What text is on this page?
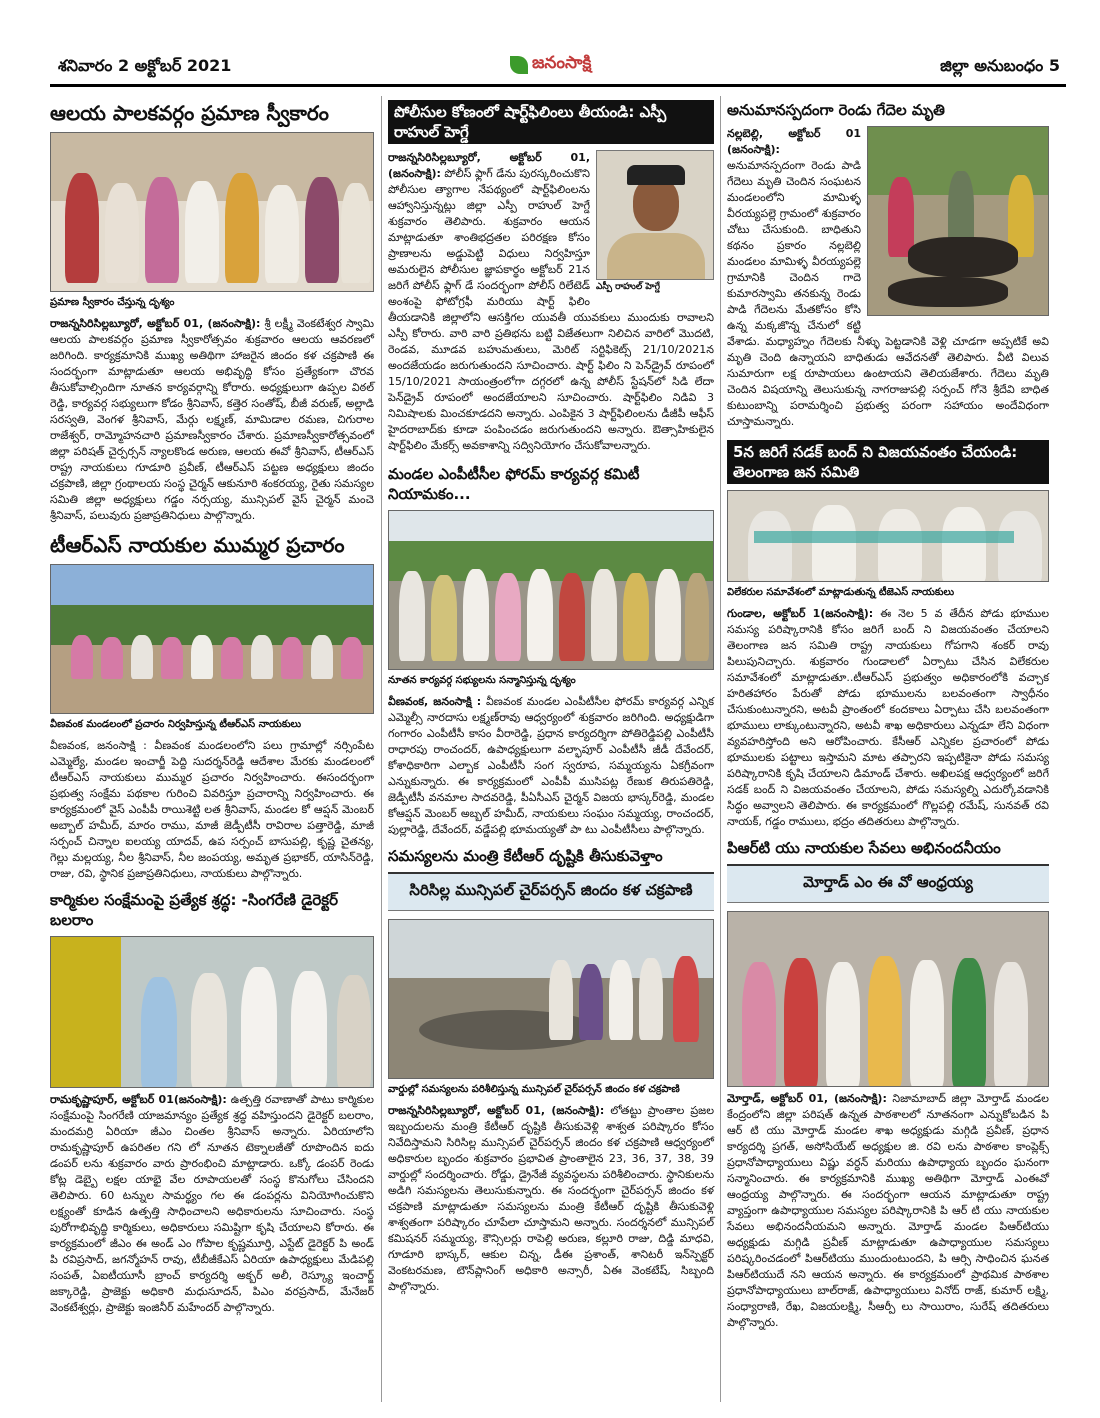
శనివారం 2 అక్టోబర్ 2021	జనంసాక్షి	జిల్లా అనుబంధం 5
ఆలయ పాలకవర్గం ప్రమాణ స్వీకారం
ప్రమాణ స్వీకారం చేస్తున్న దృశ్యం

రాజన్నసిరిసిల్లబ్యూరో, అక్టోబర్ 01, (జనంసాక్షి): శ్రీ లక్ష్మీ వెంకటేశ్వర స్వామి ఆలయ పాలకవర్గం ప్రమాణ స్వీకారోత్సవం శుక్రవారం ఆలయ ఆవరణలో జరిగింది. కార్యక్రమానికి ముఖ్య అతిథిగా హాజరైన జిందం కళ చక్రపాణి ఈ సందర్భంగా మాట్లాడుతూ ఆలయ అభివృద్ధి కోసం ప్రత్యేకంగా చొరవ తీసుకోవాల్సిందిగా నూతన కార్యవర్గాన్ని కోరారు. అధ్యక్షులుగా ఉప్పల విఠల్ రెడ్డి, కార్యవర్గ సభ్యులుగా కోడం శ్రీనివాస్, కత్తెర సంతోష్, బీజీ వరుణ్, అల్లాడి సరస్వతి, వెంగళ శ్రీనివాస్, మేర్గు లక్ష్మణ్, మామిడాల రమణ, చిగురాల రాజేశ్వర్, రామ్మోహనచారి ప్రమాణస్వీకారం చేశారు. ప్రమాణస్వీకారోత్సవంలో జిల్లా పరిషత్ చైర్పర్సన్ న్యాలకొండ అరుణ, ఆలయ ఈవో శ్రీనివాస్, టీఆర్ఎస్ రాష్ట్ర నాయకులు గూడూరి ప్రవీణ్, టీఆర్ఎస్ పట్టణ అధ్యక్షులు జిందం చక్రపాణి, జిల్లా గ్రంథాలయ సంస్థ చైర్మన్ ఆకునూరి శంకరయ్య, రైతు సమస్యల సమితి జిల్లా అధ్యక్షులు గడ్డం నర్సయ్య, మున్సిపల్ వైస్ చైర్మన్ మంచె శ్రీనివాస్, పలువురు ప్రజాప్రతినిధులు పాల్గొన్నారు.

టీఆర్ఎస్ నాయకుల ముమ్మర ప్రచారం
వీణవంక మండలంలో ప్రచారం నిర్వహిస్తున్న టీఆర్ఎస్ నాయకులు

వీణవంక, జనంసాక్షి : వీణవంక మండలంలోని పలు గ్రామాల్లో నర్సింపేట ఎమ్మెల్యే, మండల ఇంచార్జీ పెద్ది సుదర్శన్‌రెడ్డి ఆదేశాల మేరకు మండలంలో టీఆర్ఎస్ నాయకులు ముమ్మర ప్రచారం నిర్వహించారు. ఈసందర్భంగా ప్రభుత్వ సంక్షేమ పథకాల గురించి వివరిస్తూ ప్రచారాన్ని నిర్వహించారు. ఈ కార్యక్రమంలో వైస్ ఎంపీపీ రాయిశెట్టి లత శ్రీనివాస్, మండల కో ఆప్షన్ మెంబర్ అబ్బాల్ హమీద్, మారం రాము, మాజీ జెడ్పీటీసీ రావిరాల పత్తారెడ్డి, మాజీ సర్పంచ్ చిన్నాల ఐలయ్య యాదవ్, ఉప సర్పంచ్ బాసుపల్లి, కృష్ణ చైతన్య, గెల్లు మల్లయ్య, నీల శ్రీనివాస్, నీల జంపయ్య, అమృత ప్రభాకర్, యాసిన్‌రెడ్డి, రాజు, రవి, స్థానిక ప్రజాప్రతినిధులు, నాయకులు పాల్గొన్నారు.

కార్మికుల సంక్షేమంపై ప్రత్యేక శ్రద్ధ: -సింగరేణి డైరెక్టర్ బలరాం

రామకృష్ణాపూర్, అక్టోబర్ 01(జనంసాక్షి): ఉత్పత్తి రవాణాతో పాటు కార్మికుల సంక్షేమంపై సింగరేణి యాజమాన్యం ప్రత్యేక శ్రద్ధ వహిస్తుందని డైరెక్టర్ బలరాం, మందమర్రి ఏరియా జీఎం చింతల శ్రీనివాస్ అన్నారు. ఏరియాలోని రామకృష్ణాపూర్ ఉపరితల గని లో నూతన టెక్నాలజీతో రూపొందిన ఐదు డంపర్ లను శుక్రవారం వారు ప్రారంభించి మాట్లాడారు. ఒక్కో డంపర్ రెండు కోట్ల డెబ్బై లక్షల యాభై వేల రూపాయలతో సంస్థ కొనుగోలు చేసిందని తెలిపారు. 60 టన్నుల సామర్థ్యం గల ఈ డంపర్లను వినియోగించుకొని లక్ష్యంతో కూడిన ఉత్పత్తి సాధించాలని అధికారులను సూచించారు. సంస్థ పురోగాభివృద్ధి కార్మికులు, అధికారులు సమిష్టిగా కృషి చేయాలని కోరారు. ఈ కార్యక్రమంలో జీఎం ఈ అండ్ ఎం గోపాల కృష్ణమూర్తి, ఎస్టేట్ డైరెక్టర్ పి అండ్ పి రవిప్రసాద్, జగన్మోహన్ రావు, టీబీజీకేఎస్ ఏరియా ఉపాధ్యక్షులు మేడిపల్లి సంపత్, ఏఐటీయూసీ బ్రాంచ్ కార్యదర్శి అక్బర్ అలీ, రెస్క్యూ ఇంచార్జ్ జక్కారెడ్డి, ప్రాజెక్టు అధికారి మధుసూదన్, పిఎం వరప్రసాద్, మేనేజర్ వెంకటేశ్వర్లు, ప్రాజెక్టు ఇంజినీర్ మహేందర్ పాల్గొన్నారు.

పోలీసుల కోణంలో షార్ట్‌ఫిలింలు తీయండి: ఎస్పీ రాహుల్ హెగ్డే
ఎస్పీ రాహుల్ హెగ్డే

రాజన్నసిరిసిల్లబ్యూరో, అక్టోబర్ 01, (జనంసాక్షి): పోలీస్ ఫ్లాగ్ డేను పురస్కరించుకొని పోలీసుల త్యాగాల నేపథ్యంలో షార్ట్‌ఫిలింలను ఆహ్వానిస్తున్నట్లు జిల్లా ఎస్పీ రాహుల్ హెగ్డే శుక్రవారం తెలిపారు. శుక్రవారం ఆయన మాట్లాడుతూ శాంతిభద్రతల పరిరక్షణ కోసం ప్రాణాలను అడ్డుపెట్టి విధులు నిర్వహిస్తూ అమరులైన పోలీసుల జ్ఞాపకార్థం అక్టోబర్ 21న జరిగే పోలీస్ ఫ్లాగ్ డే సందర్భంగా పోలీస్ రిలేటెడ్ అంశంపై ఫోటోగ్రఫీ మరియు షార్ట్ ఫిలిం తీయడానికి జిల్లాలోని ఆసక్తిగల యువతీ యువకులు ముందుకు రావాలని ఎస్పీ కోరారు. వారి వారి ప్రతిభను బట్టి విజేతలుగా నిలిచిన వారిలో మొదటి, రెండవ, మూడవ బహుమతులు, మెరిట్ సర్టిఫికెట్స్ 21/10/2021న అందజేయడం జరుగుతుందని సూచించారు. షార్ట్ ఫిలిం ని పెన్‌డ్రైవ్ రూపంలో 15/10/2021 సాయంత్రంలోగా దగ్గరలో ఉన్న పోలీస్ స్టేషన్‌లో సిడి లేదా పెన్‌డ్రైవ్ రూపంలో అందజేయాలని సూచించారు. షార్ట్‌ఫిలిం నిడివి 3 నిమిషాలకు మించకూడదని అన్నారు. ఎంపికైన 3 షార్ట్‌ఫిలింలను డీజీపీ ఆఫీస్ హైదరాబాద్‌కు కూడా పంపించడం జరుగుతుందని అన్నారు. ఔత్సాహికులైన షార్ట్‌ఫిలిం మేకర్స్ అవకాశాన్ని సద్వినియోగం చేసుకోవాలన్నారు.

మండల ఎంపీటీసీల ఫోరమ్ కార్యవర్గ కమిటీ నియామకం...
నూతన కార్యవర్గ సభ్యులను సన్మానిస్తున్న దృశ్యం

వీణవంక, జనంసాక్షి : వీణవంక మండల ఎంపీటీసీల ఫోరమ్ కార్యవర్గ ఎన్నిక ఎమ్మెల్సీ నారదాసు లక్ష్మణ్‌రావు ఆధ్వర్యంలో శుక్రవారం జరిగింది. అధ్యక్షుడిగా గంగారం ఎంపీటీసీ కాసం వీరారెడ్డి, ప్రధాన కార్యదర్శిగా పోతిరెడ్డిపల్లి ఎంపీటీసీ రాధారపు రాంచందర్, ఉపాధ్యక్షులుగా వల్భాపూర్ ఎంపీటీసీ జీడీ దేవేందర్, కోశాధికారిగా ఎల్బాక ఎంపీటీసీ సంగ స్వరూప, సమ్మయ్యను ఏకగ్రీవంగా ఎన్నుకున్నారు. ఈ కార్యక్రమంలో ఎంపీపీ ముసిపట్ల రేణుక తిరుపతిరెడ్డి, జెడ్పీటీసీ వనమాల సాదవరెడ్డి, పీఏసీఎస్ చైర్మన్ విజయ భాస్కర్‌రెడ్డి, మండల కోఆప్షన్ మెంబర్ అబ్బల్ హమీద్, నాయకులు సంఘం సమ్మయ్య, రాంచందర్, పుల్లారెడ్డి, దేవేందర్, వడ్డేపల్లి భూమయ్యతో పా టు ఎంపీటీసీలు పాల్గొన్నారు.

సమస్యలను మంత్రి కేటీఆర్ దృష్టికి తీసుకువెళ్తాం
సిరిసిల్ల మున్సిపల్ చైర్‌పర్సన్ జిందం కళ చక్రపాణి
వార్డుల్లో సమస్యలను పరిశీలిస్తున్న మున్సిపల్ చైర్‌పర్సన్ జిందం కళ చక్రపాణి

రాజన్నసిరిసిల్లబ్యూరో, అక్టోబర్ 01, (జనంసాక్షి): లోతట్టు ప్రాంతాల ప్రజల ఇబ్బందులను మంత్రి కేటీఆర్ దృష్టికి తీసుకువెళ్లి శాశ్వత పరిష్కారం కోసం నివేదిస్తామని సిరిసిల్ల మున్సిపల్ చైర్‌పర్సన్ జిందం కళ చక్రపాణి ఆధ్వర్యంలో అధికారుల బృందం శుక్రవారం ప్రభావిత ప్రాంతాలైన 23, 36, 37, 38, 39 వార్డుల్లో సందర్శించారు. రోడ్డు, డ్రైనేజీ వ్యవస్థలను పరిశీలించారు. స్థానికులను అడిగి సమస్యలను తెలుసుకున్నారు. ఈ సందర్భంగా చైర్‌పర్సన్ జిందం కళ చక్రపాణి మాట్లాడుతూ సమస్యలను మంత్రి కేటీఆర్ దృష్టికి తీసుకువెళ్లి శాశ్వతంగా పరిష్కారం చూపేలా చూస్తామని అన్నారు. సందర్శనలో మున్సిపల్ కమిషనర్ సమ్మయ్య, కౌన్సిలర్లు రాపెల్లి అరుణ, కల్లూరి రాజు, దిడ్డి మాధవి, గూడూరి భాస్కర్, ఆకుల చిన్న, డీఈ ప్రశాంత్, శానిటరీ ఇన్‌స్పెక్టర్ వెంకటరమణ, టౌన్‌ప్లానింగ్ అధికారి అన్సారీ, ఏఈ వెంకటేష్, సిబ్బంది పాల్గొన్నారు.

అనుమానస్పదంగా రెండు గేదెల మృతి

నల్లబెల్లి, అక్టోబర్ 01 (జనంసాక్షి): అనుమానస్పదంగా రెండు పాడి గేదెలు మృతి చెందిన సంఘటన మండలంలోని మామిళ్ళ వీరయ్యపల్లె గ్రామంలో శుక్రవారం చోటు చేసుకుంది. బాధితుని కథనం ప్రకారం నల్లబెల్లి మండలం మామిళ్ళ వీరయ్యపల్లె గ్రామానికి చెందిన గాదె కుమారస్వామి తనకున్న రెండు పాడి గేదెలను మేతకోసం కోసి ఉన్న మక్కజొన్న చేనులో కట్టి వేశాడు. మధ్యాహ్నం గేదెలకు నీళ్ళు పెట్టడానికి వెళ్లి చూడగా అప్పటికే అవి మృతి చెంది ఉన్నాయని బాధితుడు ఆవేదనతో తెలిపారు. వీటి విలువ సుమారుగా లక్ష రూపాయలు ఉంటాయని తెలియజేశారు. గేదెలు మృతి చెందిన విషయాన్ని తెలుసుకున్న నాగరాజుపల్లి సర్పంచ్ గోనె శ్రీదేవి బాధిత కుటుంబాన్ని పరామర్శించి ప్రభుత్వ పరంగా సహాయం అందేవిధంగా చూస్తామన్నారు.

5న జరిగే సడక్ బంద్ ని విజయవంతం చేయండి: తెలంగాణ జన సమితి
విలేకరుల సమావేశంలో మాట్లాడుతున్న టీజెఎస్ నాయకులు

గుండాల, అక్టోబర్ 1(జనంసాక్షి): ఈ నెల 5 వ తేదీన పోడు భూముల సమస్య పరిష్కారానికి కోసం జరిగే బంద్ ని విజయవంతం చేయాలని తెలంగాణ జన సమితి రాష్ట్ర నాయకులు గోపగాని శంకర్ రావు పిలుపునిచ్చారు. శుక్రవారం గుండాలలో ఏర్పాటు చేసిన విలేకరుల సమావేశంలో మాట్లాడుతూ..టీఆర్ఎస్ ప్రభుత్వం అధికారంలోకి వచ్చాక హరితహారం పేరుతో పోడు భూములను బలవంతంగా స్వాధీనం చేసుకుంటున్నారని, అటవీ ప్రాంతంలో కందకాలు ఏర్పాటు చేసి బలవంతంగా భూములు లాక్కుంటున్నారని, అటవీ శాఖ అధికారులు ఎన్నడూ లేని విధంగా వ్యవహరిస్తోంది అని ఆరోపించారు. కేసీఆర్ ఎన్నికల ప్రచారంలో పోడు భూములకు పట్టాలు ఇస్తామని మాట తప్పారని ఇప్పటికైనా పోడు సమస్య పరిష్కారానికి కృషి చేయాలని డిమాండ్ చేశారు. అఖిలపక్ష ఆధ్వర్యంలో జరిగే సడక్ బంద్ ని విజయవంతం చేయాలని, పోడు సమస్యల్ని ఎదుర్కోవడానికి సిద్ధం అవ్వాలని తెలిపారు. ఈ కార్యక్రమంలో గొల్లపల్లి రమేష్, సునవత్ రవి నాయక్, గడ్డం రాములు, భద్రం తదితరులు పాల్గొన్నారు.

పిఆర్‌టి యు నాయకుల సేవలు అభినందనీయం
మోర్తాడ్ ఎం ఈ వో ఆంధ్రయ్య

మోర్తాడ్, అక్టోబర్ 01, (జనంసాక్షి): నిజామాబాద్ జిల్లా మోర్తాడ్ మండల కేంద్రంలోని జిల్లా పరిషత్ ఉన్నత పాఠశాలలో నూతనంగా ఎన్నుకోబడిన పి ఆర్ టి యు మోర్తాడ్ మండల శాఖ అధ్యక్షుడు మగ్గిడి ప్రవీణ్, ప్రధాన కార్యదర్శి ప్రగత్, అసోసియేట్ అధ్యక్షుల జి. రవి లను పాఠశాల కాంప్లెక్స్ ప్రధానోపాధ్యాయులు విష్ణు వర్ధన్ మరియు ఉపాధ్యాయ బృందం ఘనంగా సన్మానించారు. ఈ కార్యక్రమానికి ముఖ్య అతిథిగా మోర్తాడ్ ఎంఈవో ఆంధ్రయ్య పాల్గొన్నారు. ఈ సందర్భంగా ఆయన మాట్లాడుతూ రాష్ట్ర వ్యాప్తంగా ఉపాధ్యాయుల సమస్యల పరిష్కారానికి పి ఆర్ టి యు నాయకుల సేవలు అభినందనీయమని అన్నారు. మోర్తాడ్ మండల పిఆర్‌టియు అధ్యక్షుడు మగ్గిడి ప్రవీణ్ మాట్లాడుతూ ఉపాధ్యాయుల సమస్యలు పరిష్కరించడంలో పిఆర్‌టియు ముందుంటుందని, పి ఆర్సి సాధించిన ఘనత పిఆర్‌టియుదే నని ఆయన అన్నారు. ఈ కార్యక్రమంలో ప్రాథమిక పాఠశాల ప్రధానోపాధ్యాయులు బాల్‌రాజ్, ఉపాధ్యాయులు వినోద్ రాజ్, కుమార్ లక్ష్మి, సంధ్యారాణి, రేఖ, విజయలక్ష్మి, సీఆర్పీ లు సాయిరాం, సురేష్ తదితరులు పాల్గొన్నారు.
